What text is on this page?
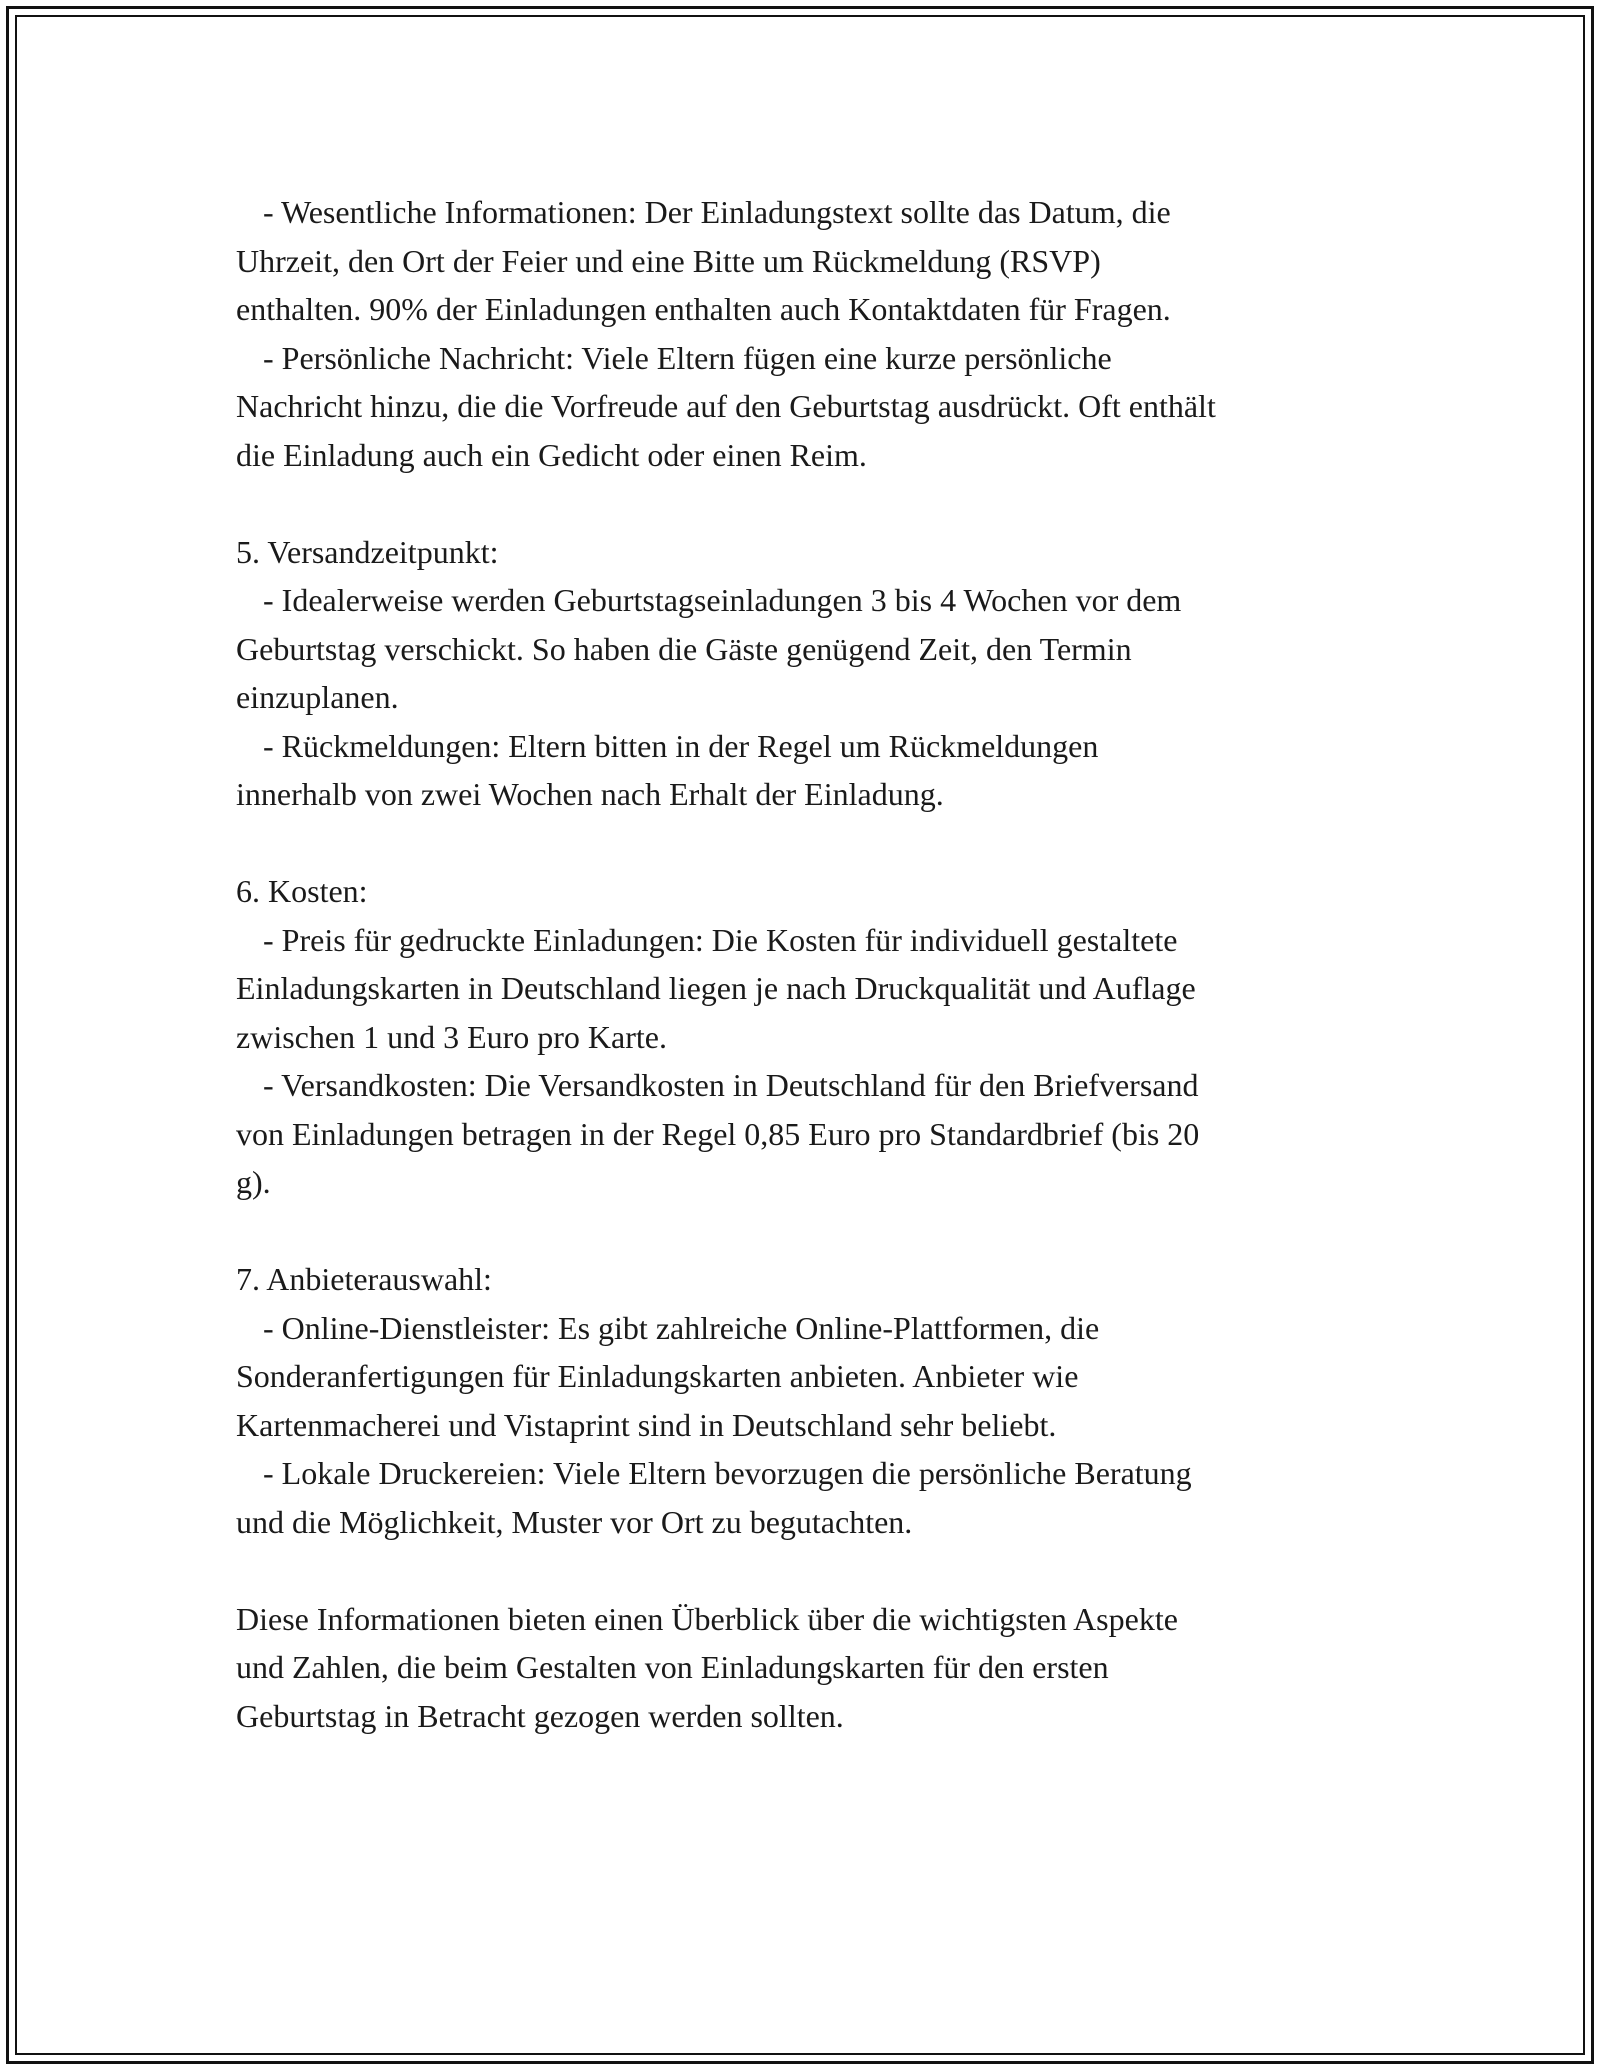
- Wesentliche Informationen: Der Einladungstext sollte das Datum, die
Uhrzeit, den Ort der Feier und eine Bitte um Rückmeldung (RSVP)
enthalten. 90% der Einladungen enthalten auch Kontaktdaten für Fragen.
- Persönliche Nachricht: Viele Eltern fügen eine kurze persönliche
Nachricht hinzu, die die Vorfreude auf den Geburtstag ausdrückt. Oft enthält
die Einladung auch ein Gedicht oder einen Reim.
5. Versandzeitpunkt:
- Idealerweise werden Geburtstagseinladungen 3 bis 4 Wochen vor dem
Geburtstag verschickt. So haben die Gäste genügend Zeit, den Termin
einzuplanen.
- Rückmeldungen: Eltern bitten in der Regel um Rückmeldungen
innerhalb von zwei Wochen nach Erhalt der Einladung.
6. Kosten:
- Preis für gedruckte Einladungen: Die Kosten für individuell gestaltete
Einladungskarten in Deutschland liegen je nach Druckqualität und Auflage
zwischen 1 und 3 Euro pro Karte.
- Versandkosten: Die Versandkosten in Deutschland für den Briefversand
von Einladungen betragen in der Regel 0,85 Euro pro Standardbrief (bis 20
g).
7. Anbieterauswahl:
- Online-Dienstleister: Es gibt zahlreiche Online-Plattformen, die
Sonderanfertigungen für Einladungskarten anbieten. Anbieter wie
Kartenmacherei und Vistaprint sind in Deutschland sehr beliebt.
- Lokale Druckereien: Viele Eltern bevorzugen die persönliche Beratung
und die Möglichkeit, Muster vor Ort zu begutachten.
Diese Informationen bieten einen Überblick über die wichtigsten Aspekte
und Zahlen, die beim Gestalten von Einladungskarten für den ersten
Geburtstag in Betracht gezogen werden sollten.
